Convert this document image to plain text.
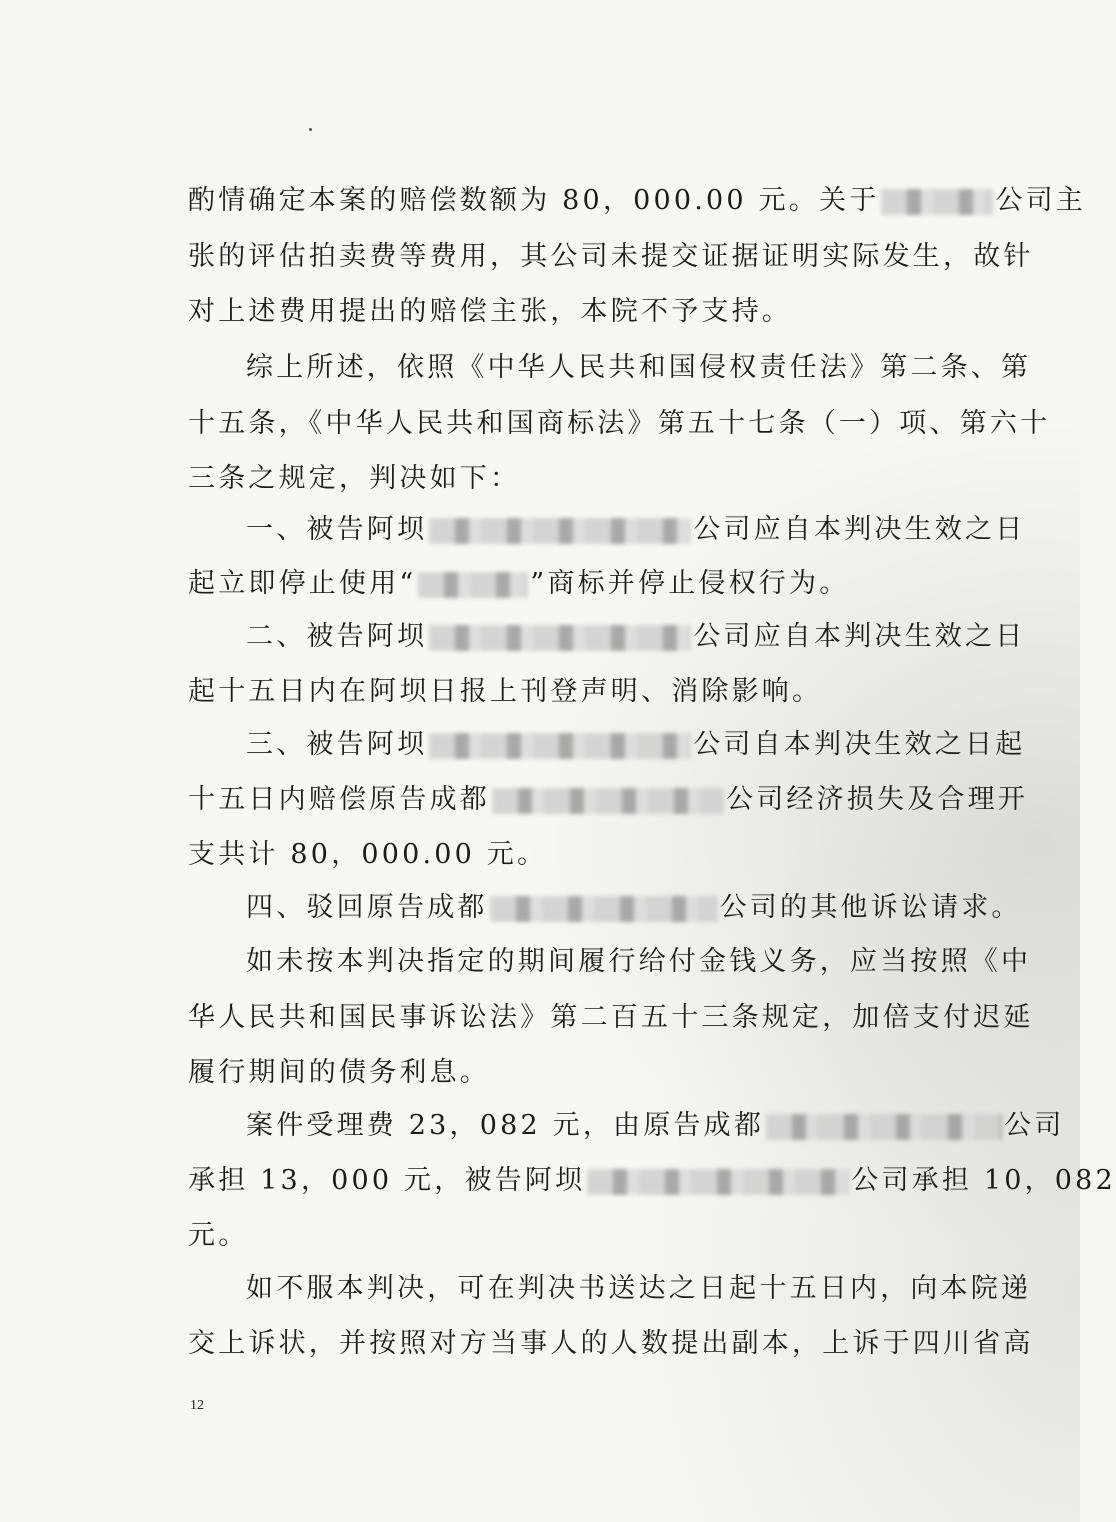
酌情确定本案的赔偿数额为 80，000.00 元。关于	公司主
张的评估拍卖费等费用，其公司未提交证据证明实际发生，故针
对上述费用提出的赔偿主张，本院不予支持。
综上所述，依照《中华人民共和国侵权责任法》第二条、第
十五条，《中华人民共和国商标法》第五十七条（一）项、第六十
三条之规定，判决如下：
一、被告阿坝	公司应自本判决生效之日
起立即停止使用“	”商标并停止侵权行为。
二、被告阿坝	公司应自本判决生效之日
起十五日内在阿坝日报上刊登声明、消除影响。
三、被告阿坝	公司自本判决生效之日起
十五日内赔偿原告成都	公司经济损失及合理开
支共计 80，000.00 元。
四、驳回原告成都	公司的其他诉讼请求。
如未按本判决指定的期间履行给付金钱义务，应当按照《中
华人民共和国民事诉讼法》第二百五十三条规定，加倍支付迟延
履行期间的债务利息。
案件受理费 23，082 元，由原告成都	公司
承担 13，000 元，被告阿坝	公司承担 10，082
元。
如不服本判决，可在判决书送达之日起十五日内，向本院递
交上诉状，并按照对方当事人的人数提出副本，上诉于四川省高
12
